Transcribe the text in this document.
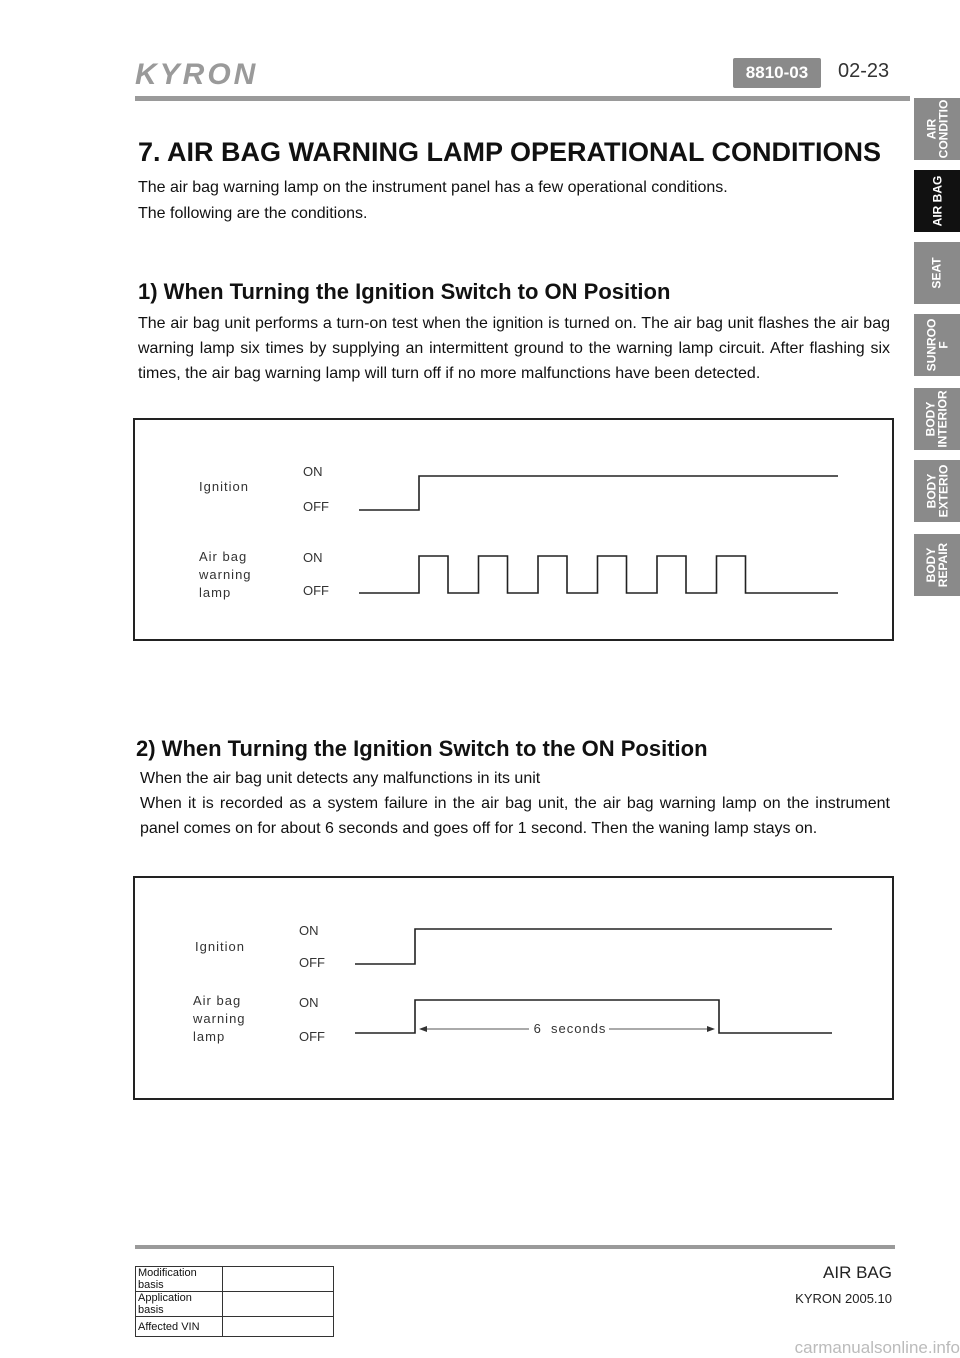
KYRON	8810-03	02-23
AIR
CONDITIO
AIR BAG
SEAT
SUNROO
F
BODY
INTERIOR
BODY
EXTERIO
BODY
REPAIR
7. AIR BAG WARNING LAMP OPERATIONAL CONDITIONS
The air bag warning lamp on the instrument panel has a few operational conditions.
The following are the conditions.
1) When Turning the Ignition Switch to ON Position
The air bag unit performs a turn-on test when the ignition is turned on. The air bag unit flashes the air bag warning lamp six times by supplying an intermittent ground to the warning lamp circuit. After flashing six times, the air bag warning lamp will turn off if no more malfunctions have been detected.
Ignition
Air bag
warning
lamp
ON
OFF
ON
OFF
2) When Turning the Ignition Switch to the ON Position
When the air bag unit detects any malfunctions in its unit
When it is recorded as a system failure in the air bag unit, the air bag warning lamp on the instrument panel comes on for about 6 seconds and goes off for 1 second. Then the waning lamp stays on.
Ignition
Air bag
warning
lamp
ON
OFF
ON
OFF
6  seconds
AIR BAG
KYRON 2005.10
Modification basis	
Application basis	
Affected VIN	
carmanualsonline.info
